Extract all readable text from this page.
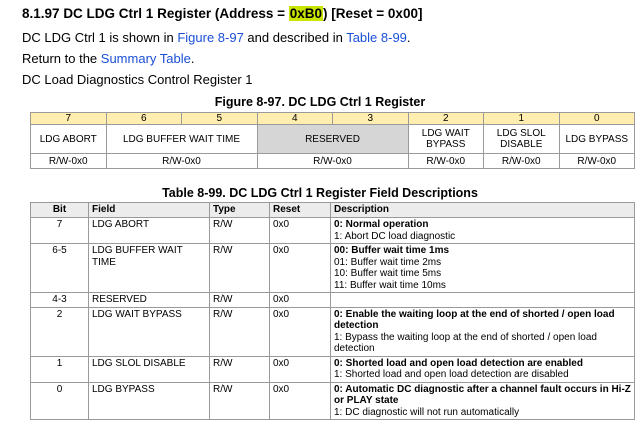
8.1.97 DC LDG Ctrl 1 Register (Address = 0xB0) [Reset = 0x00]
DC LDG Ctrl 1 is shown in Figure 8-97 and described in Table 8-99.
Return to the Summary Table.
DC Load Diagnostics Control Register 1
Figure 8-97. DC LDG Ctrl 1 Register
7	6	5	4	3	2	1	0
LDG ABORT	LDG BUFFER WAIT TIME		RESERVED		LDG WAIT BYPASS	LDG SLOL DISABLE	LDG BYPASS
R/W-0x0	R/W-0x0		R/W-0x0		R/W-0x0	R/W-0x0	R/W-0x0
Table 8-99. DC LDG Ctrl 1 Register Field Descriptions
Bit	Field	Type	Reset	Description
7	LDG ABORT	R/W	0x0	0: Normal operation
1: Abort DC load diagnostic

6-5	LDG BUFFER WAIT TIME	R/W	0x0	00: Buffer wait time 1ms
01: Buffer wait time 2ms
10: Buffer wait time 5ms
11: Buffer wait time 10ms

4-3	RESERVED	R/W	0x0	
2	LDG WAIT BYPASS	R/W	0x0	0: Enable the waiting loop at the end of shorted / open load detection
1: Bypass the waiting loop at the end of shorted / open load detection

1	LDG SLOL DISABLE	R/W	0x0	0: Shorted load and open load detection are enabled
1: Shorted load and open load detection are disabled

0	LDG BYPASS	R/W	0x0	0: Automatic DC diagnostic after a channel fault occurs in Hi-Z or PLAY state
1: DC diagnostic will not run automatically
